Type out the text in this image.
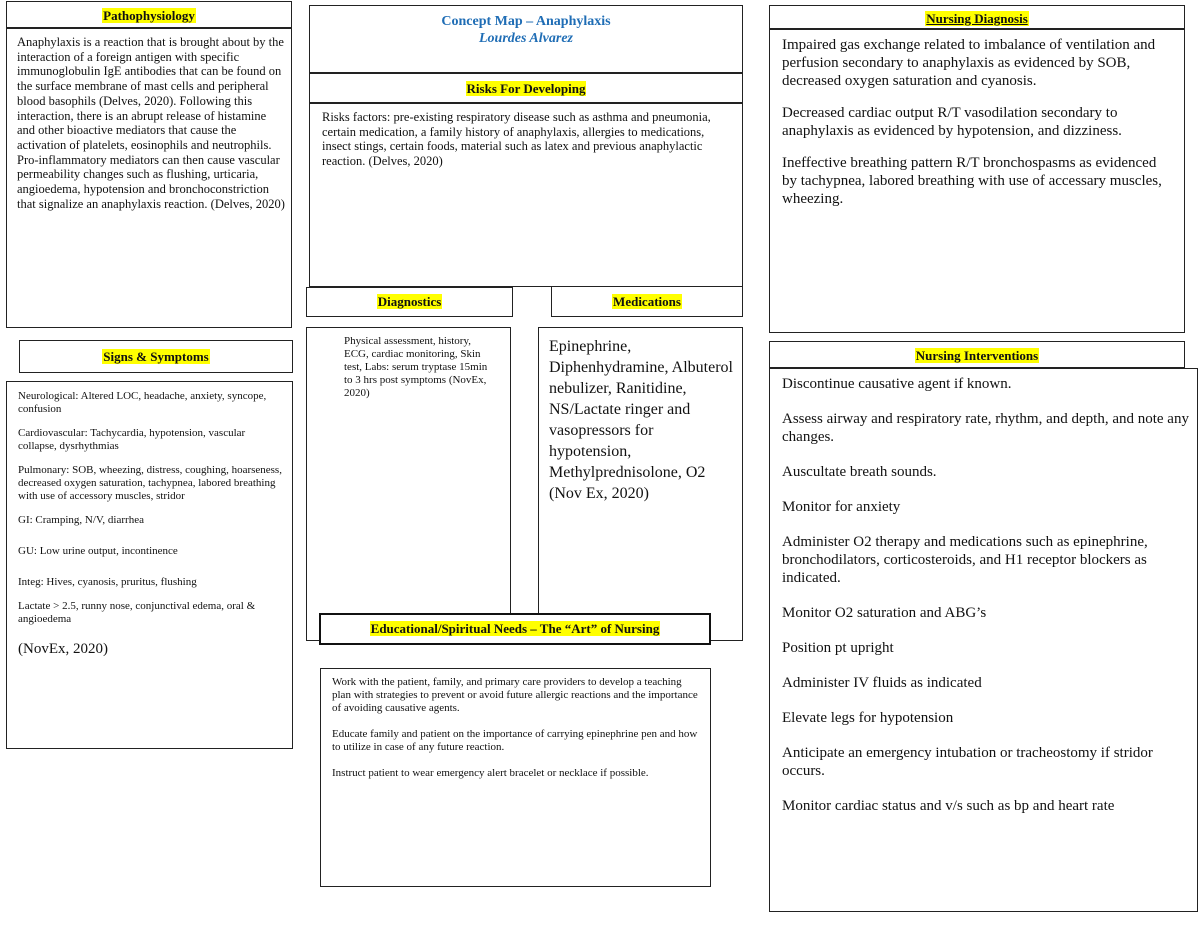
Pathophysiology
Anaphylaxis is a reaction that is brought about by the interaction of a foreign antigen with specific immunoglobulin IgE antibodies that can be found on the surface membrane of mast cells and peripheral blood basophils (Delves, 2020). Following this interaction, there is an abrupt release of histamine and other bioactive mediators that cause the activation of platelets, eosinophils and neutrophils. Pro-inflammatory mediators can then cause vascular permeability changes such as flushing, urticaria, angioedema, hypotension and bronchoconstriction that signalize an anaphylaxis reaction. (Delves, 2020)
Concept Map – Anaphylaxis
Lourdes Alvarez
Risks For Developing
Risks factors: pre-existing respiratory disease such as asthma and pneumonia, certain medication, a family history of anaphylaxis, allergies to medications, insect stings, certain foods, material such as latex and previous anaphylactic reaction. (Delves, 2020)
Diagnostics	Medications
Physical assessment, history, ECG, cardiac monitoring, Skin test, Labs: serum tryptase 15min to 3 hrs post symptoms (NovEx, 2020)
Epinephrine, Diphenhydramine, Albuterol nebulizer, Ranitidine, NS/Lactate ringer and vasopressors for hypotension, Methylprednisolone, O2 (Nov Ex, 2020)
Educational/Spiritual Needs – The “Art” of Nursing
Work with the patient, family, and primary care providers to develop a teaching plan with strategies to prevent or avoid future allergic reactions and the importance of avoiding causative agents.
Educate family and patient on the importance of carrying epinephrine pen and how to utilize in case of any future reaction.
Instruct patient to wear emergency alert bracelet or necklace if possible.
Signs & Symptoms
Neurological: Altered LOC, headache, anxiety, syncope, confusion
Cardiovascular: Tachycardia, hypotension, vascular collapse, dysrhythmias
Pulmonary: SOB, wheezing, distress, coughing, hoarseness, decreased oxygen saturation, tachypnea, labored breathing with use of accessory muscles, stridor
GI: Cramping, N/V, diarrhea
GU: Low urine output, incontinence
Integ: Hives, cyanosis, pruritus, flushing
Lactate > 2.5, runny nose, conjunctival edema, oral & angioedema
(NovEx, 2020)
Nursing Diagnosis
Impaired gas exchange related to imbalance of ventilation and perfusion secondary to anaphylaxis as evidenced by SOB, decreased oxygen saturation and cyanosis.
Decreased cardiac output R/T vasodilation secondary to anaphylaxis as evidenced by hypotension, and dizziness.
Ineffective breathing pattern R/T bronchospasms as evidenced by tachypnea, labored breathing with use of accessary muscles, wheezing.
Nursing Interventions
Discontinue causative agent if known.
Assess airway and respiratory rate, rhythm, and depth, and note any changes.
Auscultate breath sounds.
Monitor for anxiety
Administer O2 therapy and medications such as epinephrine, bronchodilators, corticosteroids, and H1 receptor blockers as indicated.
Monitor O2 saturation and ABG’s
Position pt upright
Administer IV fluids as indicated
Elevate legs for hypotension
Anticipate an emergency intubation or tracheostomy if stridor occurs.
Monitor cardiac status and v/s such as bp and heart rate
